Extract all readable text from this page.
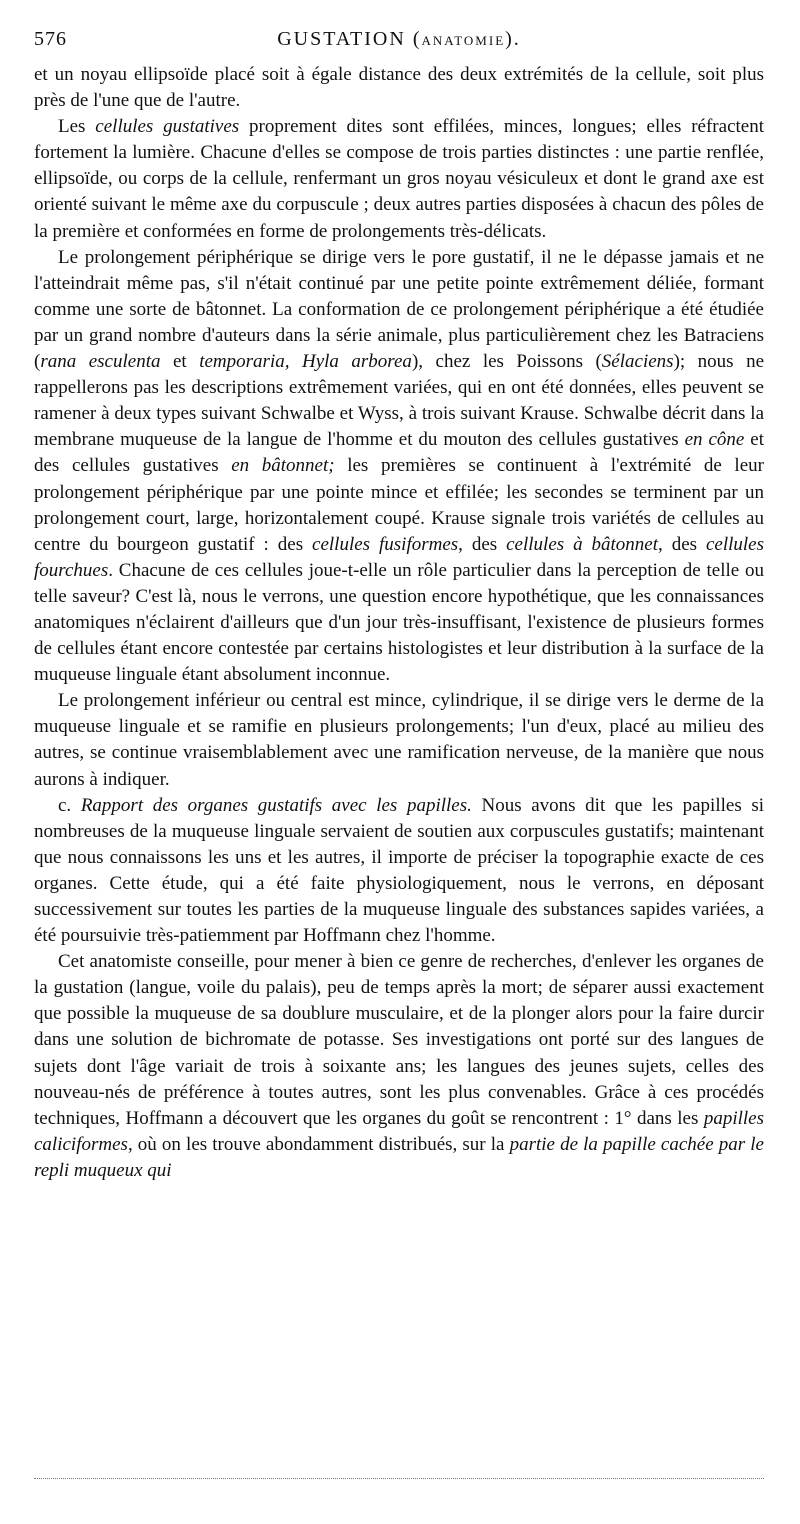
576	GUSTATION (ANATOMIE).

et un noyau ellipsoïde placé soit à égale distance des deux extrémités de la cellule, soit plus près de l'une que de l'autre.

Les cellules gustatives proprement dites sont effilées, minces, longues; elles réfractent fortement la lumière. Chacune d'elles se compose de trois parties distinctes : une partie renflée, ellipsoïde, ou corps de la cellule, renfermant un gros noyau vésiculeux et dont le grand axe est orienté suivant le même axe du corpuscule ; deux autres parties disposées à chacun des pôles de la première et conformées en forme de prolongements très-délicats.

Le prolongement périphérique se dirige vers le pore gustatif, il ne le dépasse jamais et ne l'atteindrait même pas, s'il n'était continué par une petite pointe extrêmement déliée, formant comme une sorte de bâtonnet. La conformation de ce prolongement périphérique a été étudiée par un grand nombre d'auteurs dans la série animale, plus particulièrement chez les Batraciens (rana esculenta et temporaria, Hyla arborea), chez les Poissons (Sélaciens); nous ne rappellerons pas les descriptions extrêmement variées, qui en ont été données, elles peuvent se ramener à deux types suivant Schwalbe et Wyss, à trois suivant Krause. Schwalbe décrit dans la membrane muqueuse de la langue de l'homme et du mouton des cellules gustatives en cône et des cellules gustatives en bâtonnet; les premières se continuent à l'extrémité de leur prolongement périphérique par une pointe mince et effilée; les secondes se terminent par un prolongement court, large, horizontalement coupé. Krause signale trois variétés de cellules au centre du bourgeon gustatif : des cellules fusiformes, des cellules à bâtonnet, des cellules fourchues. Chacune de ces cellules joue-t-elle un rôle particulier dans la perception de telle ou telle saveur? C'est là, nous le verrons, une question encore hypothétique, que les connaissances anatomiques n'éclairent d'ailleurs que d'un jour très-insuffisant, l'existence de plusieurs formes de cellules étant encore contestée par certains histologistes et leur distribution à la surface de la muqueuse linguale étant absolument inconnue.

Le prolongement inférieur ou central est mince, cylindrique, il se dirige vers le derme de la muqueuse linguale et se ramifie en plusieurs prolongements; l'un d'eux, placé au milieu des autres, se continue vraisemblablement avec une ramification nerveuse, de la manière que nous aurons à indiquer.

c. Rapport des organes gustatifs avec les papilles. Nous avons dit que les papilles si nombreuses de la muqueuse linguale servaient de soutien aux corpuscules gustatifs; maintenant que nous connaissons les uns et les autres, il importe de préciser la topographie exacte de ces organes. Cette étude, qui a été faite physiologiquement, nous le verrons, en déposant successivement sur toutes les parties de la muqueuse linguale des substances sapides variées, a été poursuivie très-patiemment par Hoffmann chez l'homme.

Cet anatomiste conseille, pour mener à bien ce genre de recherches, d'enlever les organes de la gustation (langue, voile du palais), peu de temps après la mort; de séparer aussi exactement que possible la muqueuse de sa doublure musculaire, et de la plonger alors pour la faire durcir dans une solution de bichromate de potasse. Ses investigations ont porté sur des langues de sujets dont l'âge variait de trois à soixante ans; les langues des jeunes sujets, celles des nouveau-nés de préférence à toutes autres, sont les plus convenables. Grâce à ces procédés techniques, Hoffmann a découvert que les organes du goût se rencontrent : 1° dans les papilles caliciformes, où on les trouve abondamment distribués, sur la partie de la papille cachée par le repli muqueux qui
